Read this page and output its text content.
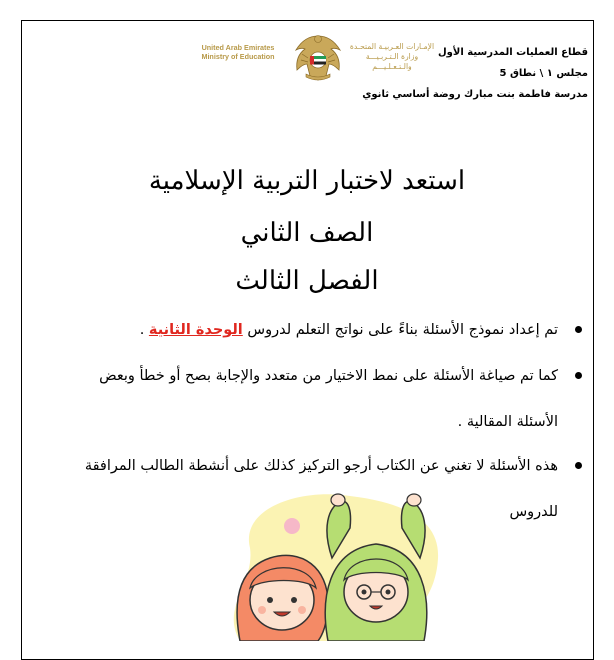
قطاع العمليات المدرسية الأول
مجلس ١ \ نطاق 5
مدرسة فاطمة بنت مبارك روضة أساسي ثانوي
United Arab Emirates
Ministry of Education
الإمـارات العـربيـة المتحـدة
وزارة الـتـربـيـــة والـتـعـلـيـــم
استعد لاختبار التربية الإسلامية
الصف الثاني
الفصل الثالث
تم إعداد نموذج الأسئلة بناءً على نواتج التعلم لدروس الوحدة الثانية .
كما تم صياغة الأسئلة على نمط الاختيار من متعدد والإجابة بصح أو خطأ وبعض
الأسئلة المقالية .
هذه الأسئلة لا تغني عن الكتاب أرجو التركيز كذلك على أنشطة الطالب المرافقة
للدروس
